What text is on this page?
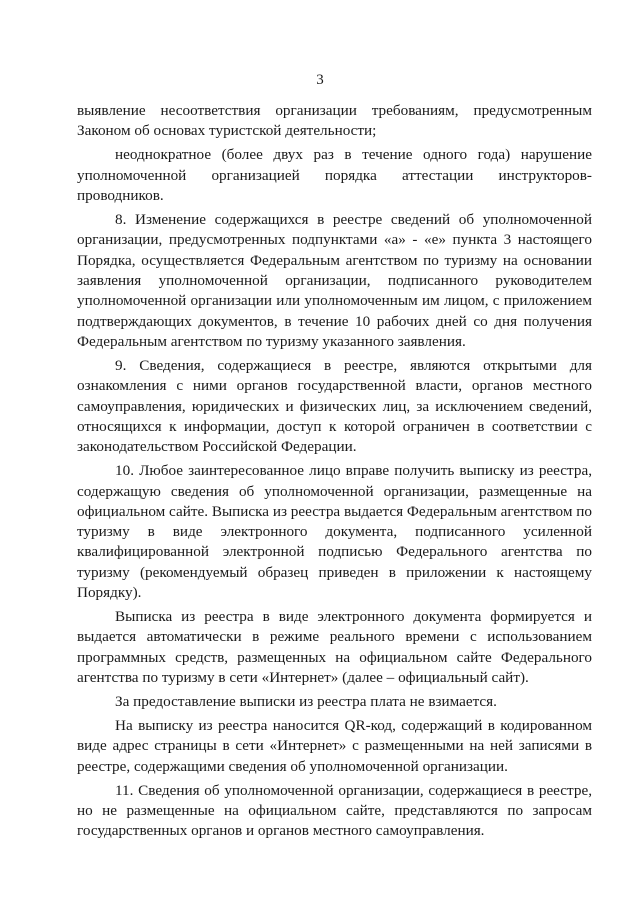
3

выявление несоответствия организации требованиям, предусмотренным Законом об основах туристской деятельности;

неоднократное (более двух раз в течение одного года) нарушение уполномоченной организацией порядка аттестации инструкторов-проводников.

8. Изменение содержащихся в реестре сведений об уполномоченной организации, предусмотренных подпунктами «а» - «е» пункта 3 настоящего Порядка, осуществляется Федеральным агентством по туризму на основании заявления уполномоченной организации, подписанного руководителем уполномоченной организации или уполномоченным им лицом, с приложением подтверждающих документов, в течение 10 рабочих дней со дня получения Федеральным агентством по туризму указанного заявления.

9. Сведения, содержащиеся в реестре, являются открытыми для ознакомления с ними органов государственной власти, органов местного самоуправления, юридических и физических лиц, за исключением сведений, относящихся к информации, доступ к которой ограничен в соответствии с законодательством Российской Федерации.

10. Любое заинтересованное лицо вправе получить выписку из реестра, содержащую сведения об уполномоченной организации, размещенные на официальном сайте. Выписка из реестра выдается Федеральным агентством по туризму в виде электронного документа, подписанного усиленной квалифицированной электронной подписью Федерального агентства по туризму (рекомендуемый образец приведен в приложении к настоящему Порядку).

Выписка из реестра в виде электронного документа формируется и выдается автоматически в режиме реального времени с использованием программных средств, размещенных на официальном сайте Федерального агентства по туризму в сети «Интернет» (далее – официальный сайт).

За предоставление выписки из реестра плата не взимается.

На выписку из реестра наносится QR-код, содержащий в кодированном виде адрес страницы в сети «Интернет» с размещенными на ней записями в реестре, содержащими сведения об уполномоченной организации.

11. Сведения об уполномоченной организации, содержащиеся в реестре, но не размещенные на официальном сайте, представляются по запросам государственных органов и органов местного самоуправления.
